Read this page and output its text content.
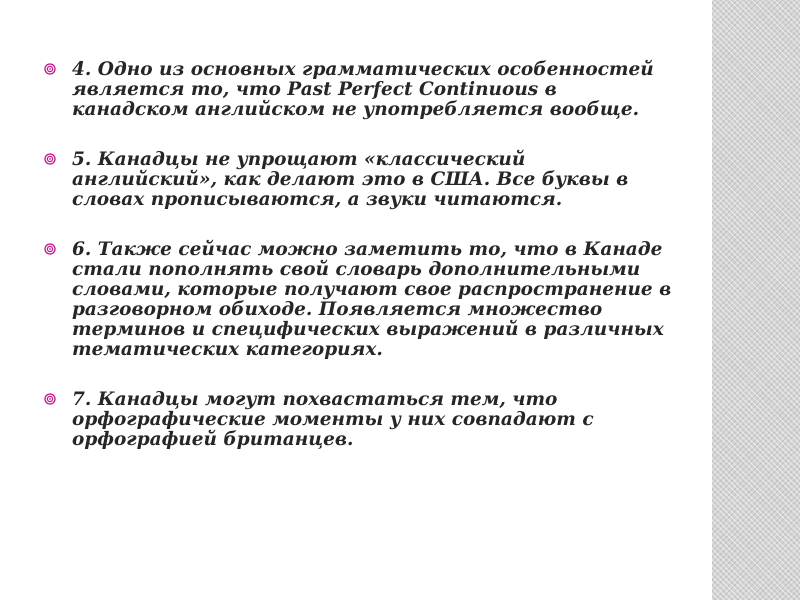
4. Одно из основных грамматических особенностей является то, что Past Perfect Continuous в канадском английском не употребляется вообще.
5. Канадцы не упрощают «классический английский», как делают это в США. Все буквы в словах прописываются, а звуки читаются.
6. Также сейчас можно заметить то, что в Канаде стали пополнять свой словарь дополнительными словами, которые получают свое распространение в разговорном обиходе. Появляется множество терминов и специфических выражений в различных тематических категориях.
7. Канадцы могут похвастаться тем, что орфографические моменты у них совпадают с орфографией британцев.
